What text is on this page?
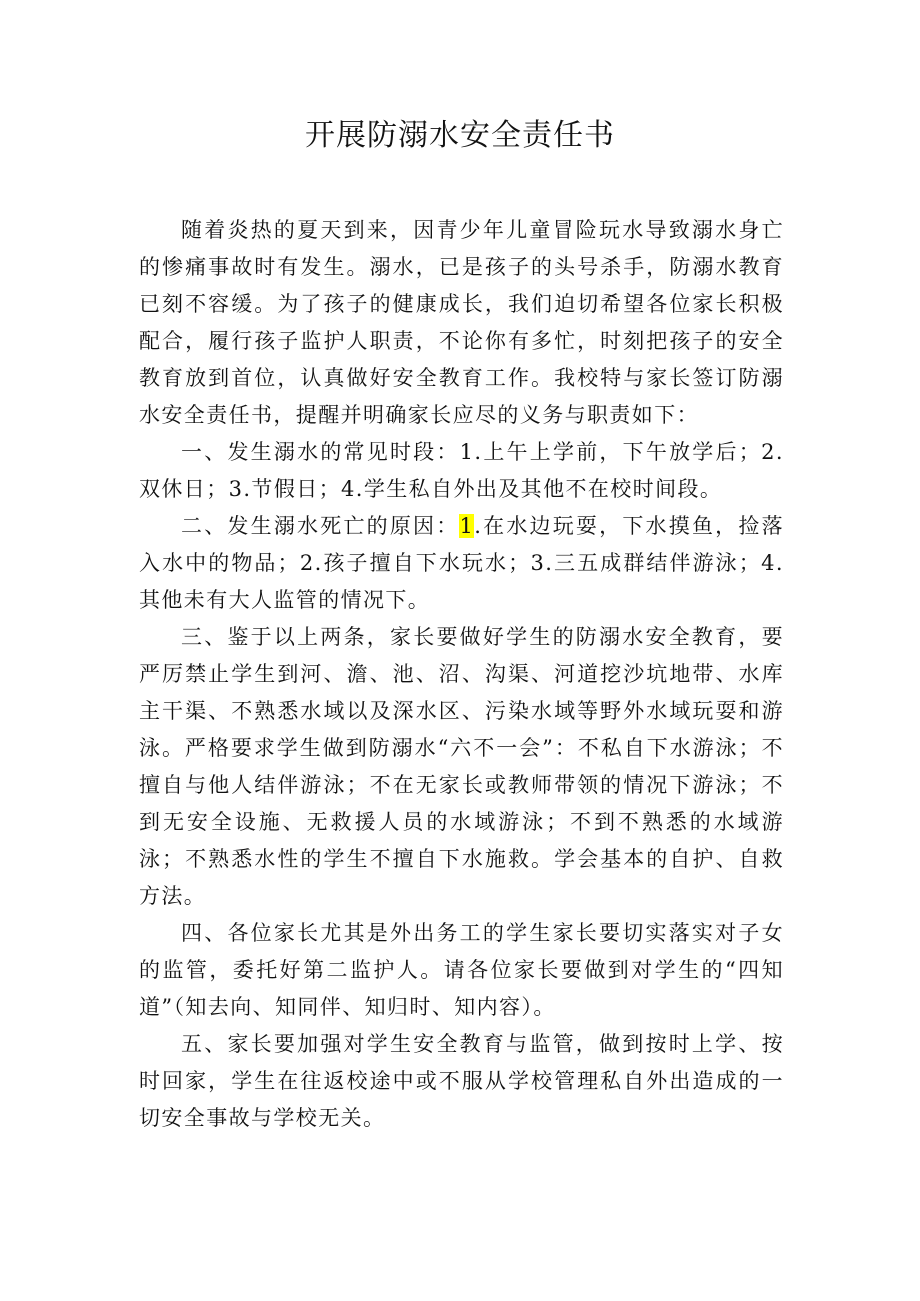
开展防溺水安全责任书

随着炎热的夏天到来，因青少年儿童冒险玩水导致溺水身亡的惨痛事故时有发生。溺水，已是孩子的头号杀手，防溺水教育已刻不容缓。为了孩子的健康成长，我们迫切希望各位家长积极配合，履行孩子监护人职责，不论你有多忙，时刻把孩子的安全教育放到首位，认真做好安全教育工作。我校特与家长签订防溺水安全责任书，提醒并明确家长应尽的义务与职责如下：

一、发生溺水的常见时段：1.上午上学前，下午放学后；2.双休日；3.节假日；4.学生私自外出及其他不在校时间段。

二、发生溺水死亡的原因：1.在水边玩耍，下水摸鱼，捡落入水中的物品；2.孩子擅自下水玩水；3.三五成群结伴游泳；4.其他未有大人监管的情况下。

三、鉴于以上两条，家长要做好学生的防溺水安全教育，要严厉禁止学生到河、澹、池、沼、沟渠、河道挖沙坑地带、水库主干渠、不熟悉水域以及深水区、污染水域等野外水域玩耍和游泳。严格要求学生做到防溺水“六不一会”：不私自下水游泳；不擅自与他人结伴游泳；不在无家长或教师带领的情况下游泳；不到无安全设施、无救援人员的水域游泳；不到不熟悉的水域游泳；不熟悉水性的学生不擅自下水施救。学会基本的自护、自救方法。

四、各位家长尤其是外出务工的学生家长要切实落实对子女的监管，委托好第二监护人。请各位家长要做到对学生的“四知道”（知去向、知同伴、知归时、知内容）。

五、家长要加强对学生安全教育与监管，做到按时上学、按时回家，学生在往返校途中或不服从学校管理私自外出造成的一切安全事故与学校无关。
